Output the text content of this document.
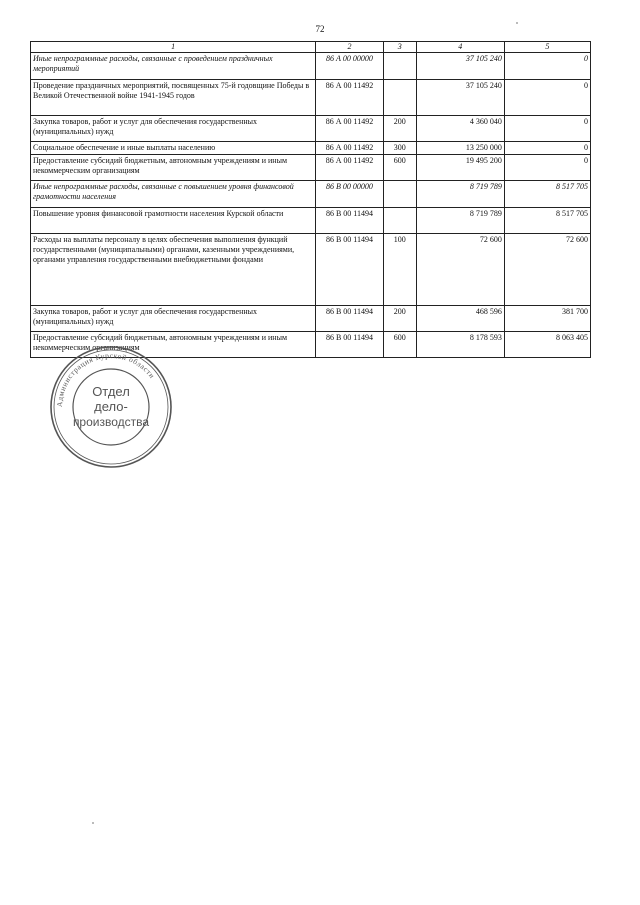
72
1	2	3	4	5
Иные непрограммные расходы, связанные с проведением праздничных мероприятий	86 А 00 00000		37 105 240	0
Проведение праздничных мероприятий, посвященных 75-й годовщине Победы в Великой Отечественной войне 1941-1945 годов	86 А 00 11492		37 105 240	0
Закупка товаров, работ и услуг для обеспечения государственных (муниципальных) нужд	86 А 00 11492	200	4 360 040	0
Социальное обеспечение и иные выплаты населению	86 А 00 11492	300	13 250 000	0
Предоставление субсидий бюджетным, автономным учреждениям и иным некоммерческим организациям	86 А 00 11492	600	19 495 200	0
Иные непрограммные расходы, связанные с повышением уровня финансовой грамотности населения	86 В 00 00000		8 719 789	8 517 705
Повышение уровня финансовой грамотности населения Курской области	86 В 00 11494		8 719 789	8 517 705
Расходы на выплаты персоналу в целях обеспечения выполнения функций государственными (муниципальными) органами, казенными учреждениями, органами управления государственными внебюджетными фондами	86 В 00 11494	100	72 600	72 600
Закупка товаров, работ и услуг для обеспечения государственных (муниципальных) нужд	86 В 00 11494	200	468 596	381 700
Предоставление субсидий бюджетным, автономным учреждениям и иным некоммерческим организациям	86 В 00 11494	600	8 178 593	8 063 405
Администрация Курской области
Отдел
дело-
производства
